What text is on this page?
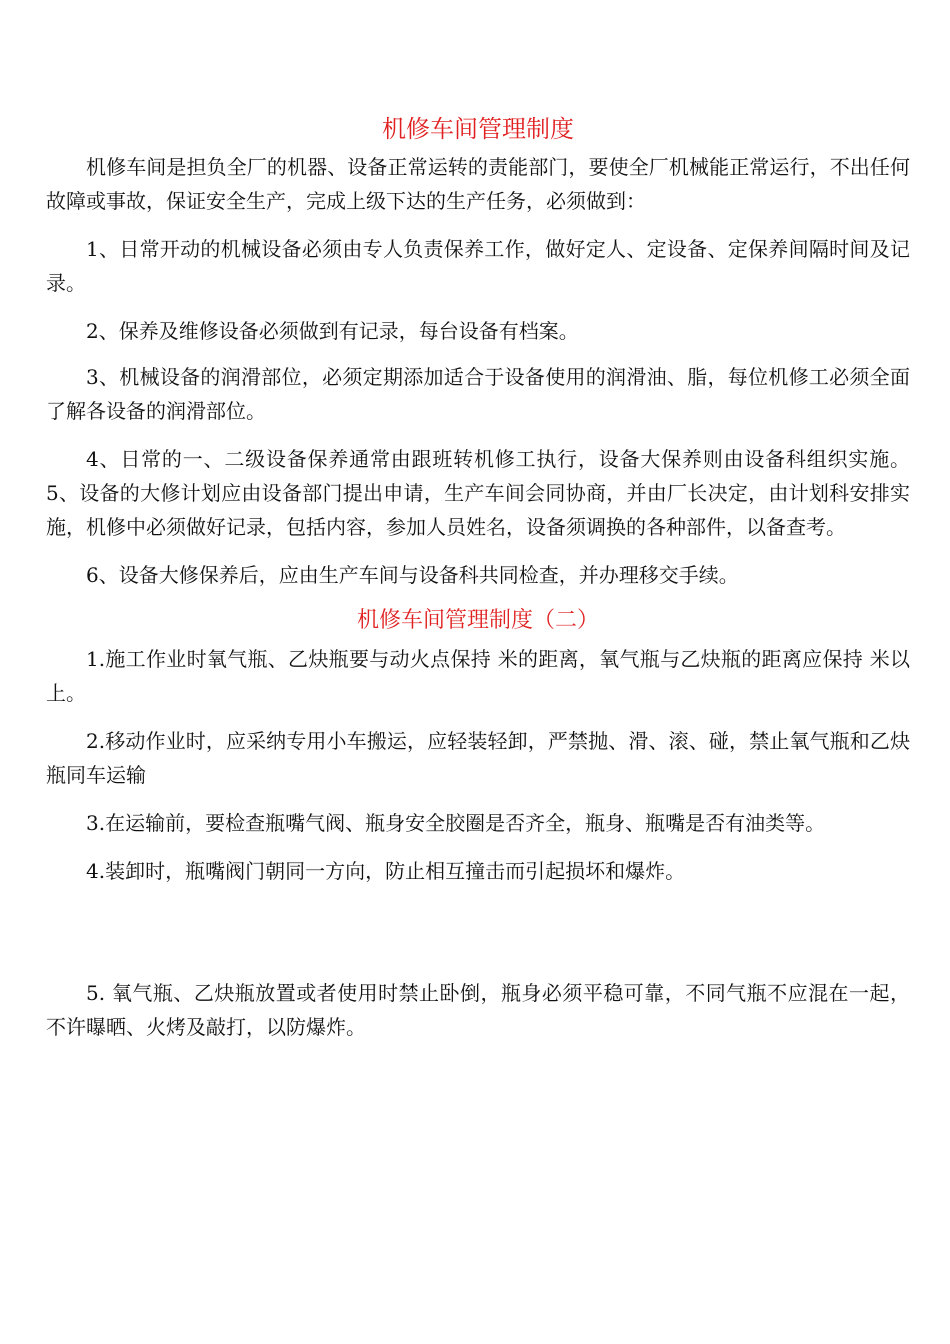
机修车间管理制度

机修车间是担负全厂的机器、设备正常运转的责能部门，要使全厂机械能正常运行，不出任何故障或事故，保证安全生产，完成上级下达的生产任务，必须做到：

1、日常开动的机械设备必须由专人负责保养工作，做好定人、定设备、定保养间隔时间及记录。

2、保养及维修设备必须做到有记录，每台设备有档案。

3、机械设备的润滑部位，必须定期添加适合于设备使用的润滑油、脂，每位机修工必须全面了解各设备的润滑部位。

4、日常的一、二级设备保养通常由跟班转机修工执行，设备大保养则由设备科组织实施。5、设备的大修计划应由设备部门提出申请，生产车间会同协商，并由厂长决定，由计划科安排实施，机修中必须做好记录，包括内容，参加人员姓名，设备须调换的各种部件，以备查考。

6、设备大修保养后，应由生产车间与设备科共同检查，并办理移交手续。

机修车间管理制度（二）

1.施工作业时氧气瓶、乙炔瓶要与动火点保持 米的距离，氧气瓶与乙炔瓶的距离应保持 米以上。

2.移动作业时，应采纳专用小车搬运，应轻装轻卸，严禁抛、滑、滚、碰，禁止氧气瓶和乙炔瓶同车运输

3.在运输前，要检查瓶嘴气阀、瓶身安全胶圈是否齐全，瓶身、瓶嘴是否有油类等。

4.装卸时，瓶嘴阀门朝同一方向，防止相互撞击而引起损坏和爆炸。

5. 氧气瓶、乙炔瓶放置或者使用时禁止卧倒，瓶身必须平稳可靠，不同气瓶不应混在一起，不许曝晒、火烤及敲打，以防爆炸。
